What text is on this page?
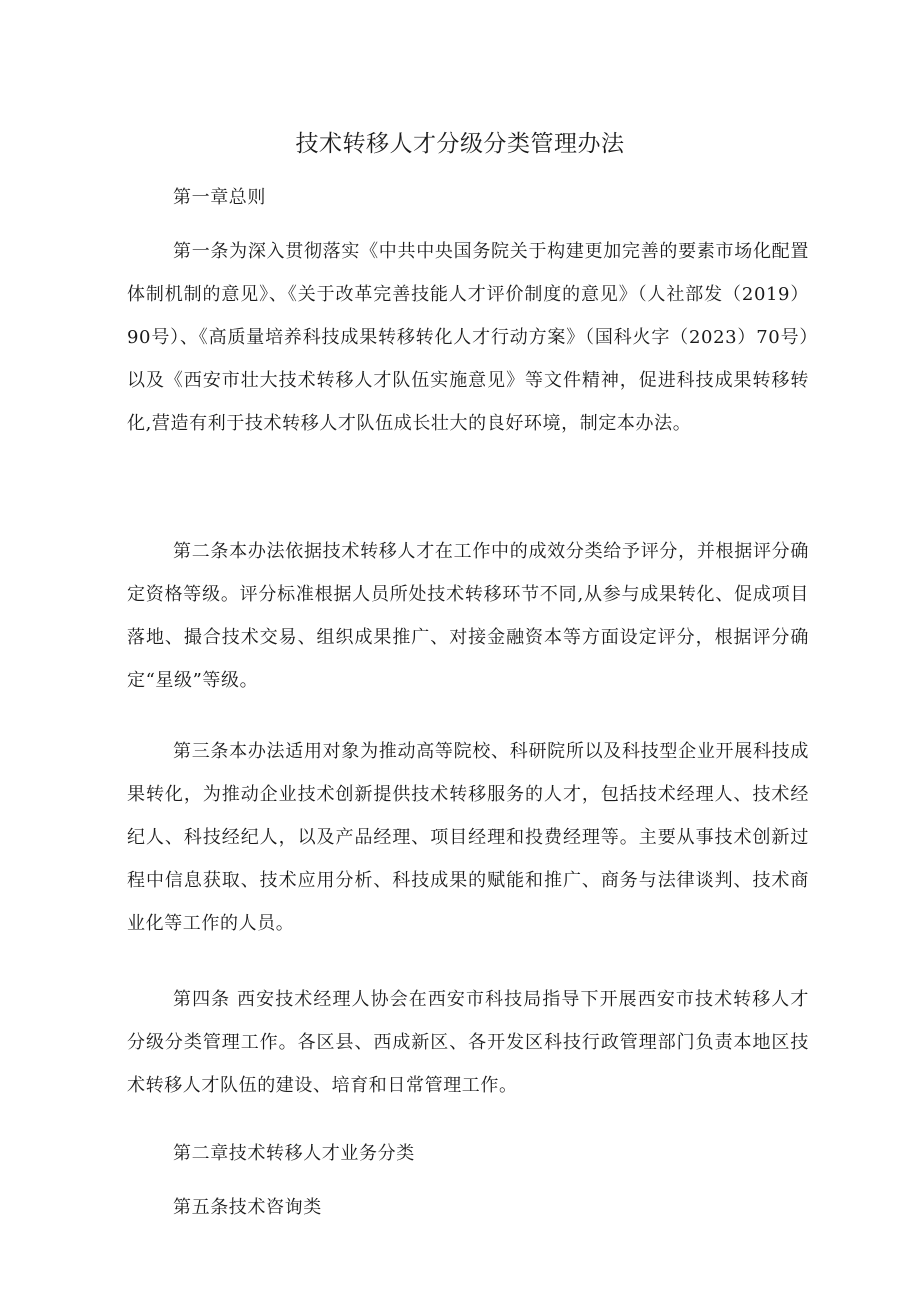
技术转移人才分级分类管理办法

第一章总则

第一条为深入贯彻落实《中共中央国务院关于构建更加完善的要素市场化配置体制机制的意见》、《关于改革完善技能人才评价制度的意见》（人社部发（2019）90号）、《高质量培养科技成果转移转化人才行动方案》（国科火字（2023）70号）以及《西安市壮大技术转移人才队伍实施意见》等文件精神，促进科技成果转移转化,营造有利于技术转移人才队伍成长壮大的良好环境，制定本办法。

第二条本办法依据技术转移人才在工作中的成效分类给予评分，并根据评分确定资格等级。评分标准根据人员所处技术转移环节不同,从参与成果转化、促成项目落地、撮合技术交易、组织成果推广、对接金融资本等方面设定评分，根据评分确定“星级”等级。

第三条本办法适用对象为推动高等院校、科研院所以及科技型企业开展科技成果转化，为推动企业技术创新提供技术转移服务的人才，包括技术经理人、技术经纪人、科技经纪人，以及产品经理、项目经理和投费经理等。主要从事技术创新过程中信息获取、技术应用分析、科技成果的赋能和推广、商务与法律谈判、技术商业化等工作的人员。

第四条 西安技术经理人协会在西安市科技局指导下开展西安市技术转移人才分级分类管理工作。各区县、西成新区、各开发区科技行政管理部门负责本地区技术转移人才队伍的建设、培育和日常管理工作。

第二章技术转移人才业务分类

第五条技术咨询类
